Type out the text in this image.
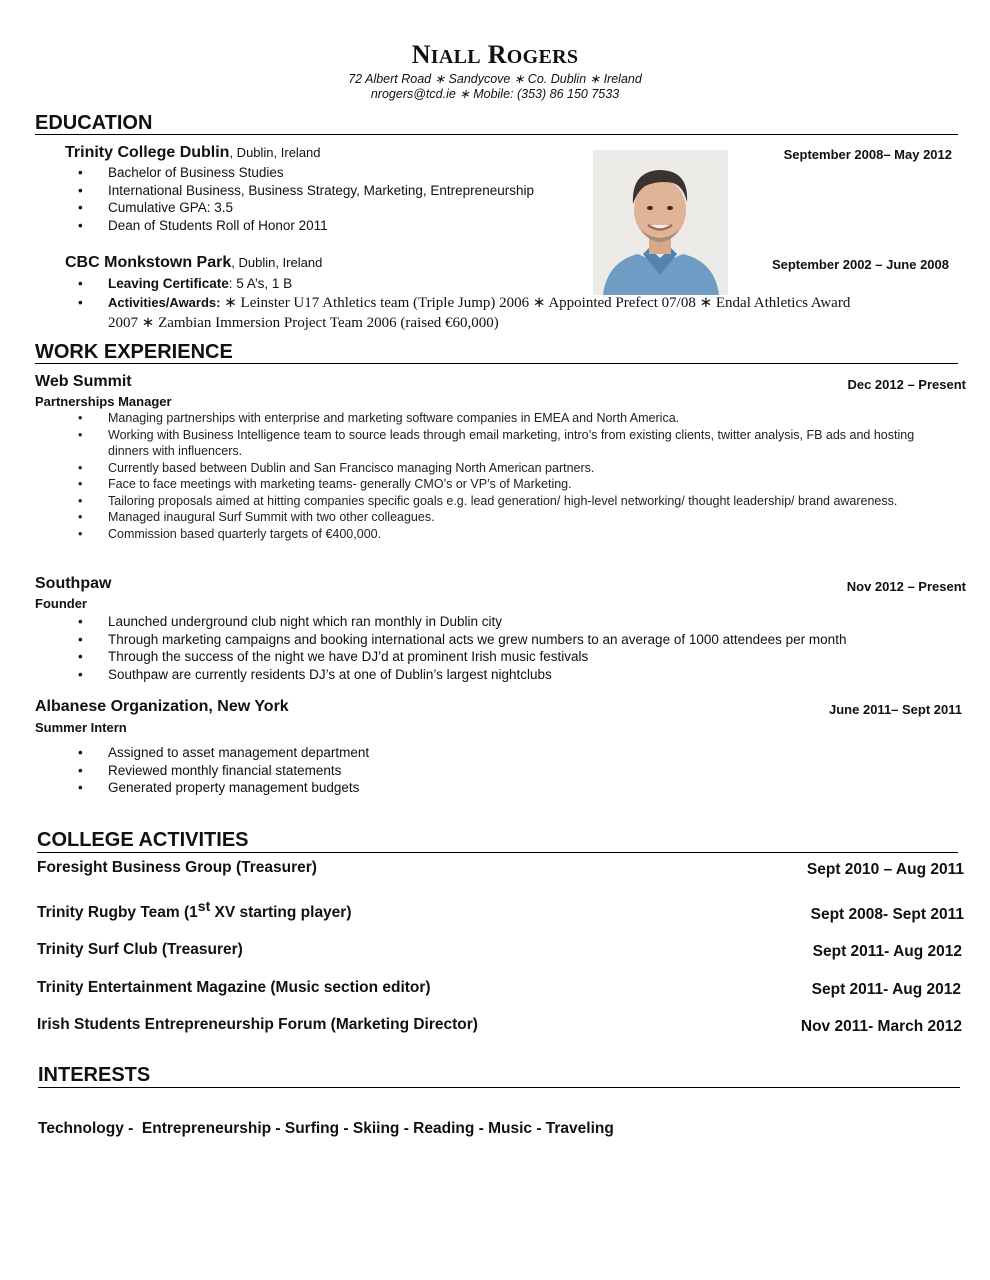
NIALL ROGERS
72 Albert Road ∗ Sandycove ∗ Co. Dublin ∗ Ireland
nrogers@tcd.ie ∗ Mobile: (353) 86 150 7533
EDUCATION
Trinity College Dublin, Dublin, Ireland	September 2008– May 2012
• Bachelor of Business Studies
• International Business, Business Strategy, Marketing, Entrepreneurship
• Cumulative GPA: 3.5
• Dean of Students Roll of Honor 2011
CBC Monkstown Park, Dublin, Ireland	September 2002 – June 2008
• Leaving Certificate: 5 A’s, 1 B
• Activities/Awards: ∗ Leinster U17 Athletics team (Triple Jump) 2006 ∗ Appointed Prefect 07/08 ∗ Endal Athletics Award 2007 ∗ Zambian Immersion Project Team 2006 (raised €60,000)
WORK EXPERIENCE
Web Summit	Dec 2012 – Present
Partnerships Manager
• Managing partnerships with enterprise and marketing software companies in EMEA and North America.
• Working with Business Intelligence team to source leads through email marketing, intro’s from existing clients, twitter analysis, FB ads and hosting dinners with influencers.
• Currently based between Dublin and San Francisco managing North American partners.
• Face to face meetings with marketing teams- generally CMO’s or VP’s of Marketing.
• Tailoring proposals aimed at hitting companies specific goals e.g. lead generation/ high-level networking/ thought leadership/ brand awareness.
• Managed inaugural Surf Summit with two other colleagues.
• Commission based quarterly targets of €400,000.
Southpaw	Nov 2012 – Present
Founder
• Launched underground club night which ran monthly in Dublin city
• Through marketing campaigns and booking international acts we grew numbers to an average of 1000 attendees per month
• Through the success of the night we have DJ’d at prominent Irish music festivals
• Southpaw are currently residents DJ’s at one of Dublin’s largest nightclubs
Albanese Organization, New York	June 2011– Sept 2011
Summer Intern
• Assigned to asset management department
• Reviewed monthly financial statements
• Generated property management budgets
COLLEGE ACTIVITIES
Foresight Business Group (Treasurer)	Sept 2010 – Aug 2011
Trinity Rugby Team (1st XV starting player)	Sept 2008- Sept 2011
Trinity Surf Club (Treasurer)	Sept 2011- Aug 2012
Trinity Entertainment Magazine (Music section editor)	Sept 2011- Aug 2012
Irish Students Entrepreneurship Forum (Marketing Director)	Nov 2011- March 2012
INTERESTS
Technology -  Entrepreneurship - Surfing - Skiing - Reading - Music - Traveling
